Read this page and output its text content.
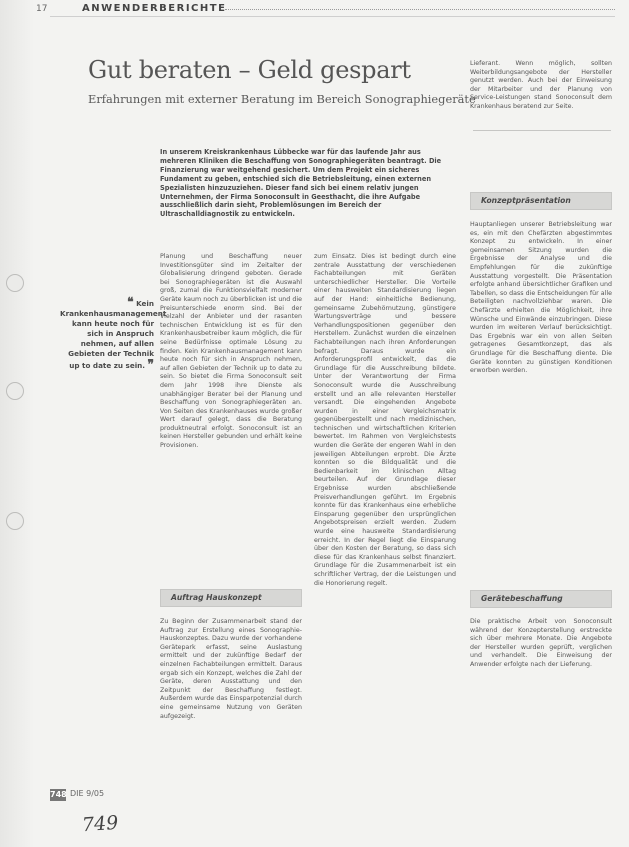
17	ANWENDERBERICHTE
Gut beraten – Geld gespart
Erfahrungen mit externer Beratung im Bereich Sonographiegeräte
In unserem Kreiskrankenhaus Lübbecke war für das laufende Jahr aus mehreren Kliniken die Beschaffung von Sonographiegeräten beantragt. Die Finanzierung war weitgehend gesichert. Um dem Projekt ein sicheres Fundament zu geben, entschied sich die Betriebsleitung, einen externen Spezialisten hinzuzuziehen. Dieser fand sich bei einem relativ jungen Unternehmen, der Firma Sonoconsult in Geesthacht, die ihre Aufgabe ausschließlich darin sieht, Problemlösungen im Bereich der Ultraschalldiagnostik zu entwickeln.
❝ Kein Krankenhausmanagement kann heute noch für sich in Anspruch nehmen, auf allen Gebieten der Technik up to date zu sein. ❞
Planung und Beschaffung neuer Investitionsgüter sind im Zeitalter der Globalisierung dringend geboten. Gerade bei Sonographiegeräten ist die Auswahl groß, zumal die Funktionsvielfalt moderner Geräte kaum noch zu überblicken ist und die Preisunterschiede enorm sind. Bei der Vielzahl der Anbieter und der rasanten technischen Entwicklung ist es für den Krankenhausbetreiber kaum möglich, die für seine Bedürfnisse optimale Lösung zu finden. Kein Krankenhausmanagement kann heute noch für sich in Anspruch nehmen, auf allen Gebieten der Technik up to date zu sein. So bietet die Firma Sonoconsult seit dem Jahr 1998 ihre Dienste als unabhängiger Berater bei der Planung und Beschaffung von Sonographiegeräten an. Von Seiten des Krankenhauses wurde großer Wert darauf gelegt, dass die Beratung produktneutral erfolgt. Sonoconsult ist an keinen Hersteller gebunden und erhält keine Provisionen.
Auftrag Hauskonzept
Zu Beginn der Zusammenarbeit stand der Auftrag zur Erstellung eines Sonographie-Hauskonzeptes. Dazu wurde der vorhandene Gerätepark erfasst, seine Auslastung ermittelt und der zukünftige Bedarf der einzelnen Fachabteilungen ermittelt. Daraus ergab sich ein Konzept, welches die Zahl der Geräte, deren Ausstattung und den Zeitpunkt der Beschaffung festlegt. Außerdem wurde das Einsparpotenzial durch eine gemeinsame Nutzung von Geräten aufgezeigt.
zum Einsatz. Dies ist bedingt durch eine zentrale Ausstattung der verschiedenen Fachabteilungen mit Geräten unterschiedlicher Hersteller. Die Vorteile einer hausweiten Standardisierung liegen auf der Hand: einheitliche Bedienung, gemeinsame Zubehörnutzung, günstigere Wartungsverträge und bessere Verhandlungspositionen gegenüber den Herstellern. Zunächst wurden die einzelnen Fachabteilungen nach ihren Anforderungen befragt. Daraus wurde ein Anforderungsprofil entwickelt, das die Grundlage für die Ausschreibung bildete. Unter der Verantwortung der Firma Sonoconsult wurde die Ausschreibung erstellt und an alle relevanten Hersteller versandt. Die eingehenden Angebote wurden in einer Vergleichsmatrix gegenübergestellt und nach medizinischen, technischen und wirtschaftlichen Kriterien bewertet. Im Rahmen von Vergleichstests wurden die Geräte der engeren Wahl in den jeweiligen Abteilungen erprobt. Die Ärzte konnten so die Bildqualität und die Bedienbarkeit im klinischen Alltag beurteilen. Auf der Grundlage dieser Ergebnisse wurden abschließende Preisverhandlungen geführt. Im Ergebnis konnte für das Krankenhaus eine erhebliche Einsparung gegenüber den ursprünglichen Angebotspreisen erzielt werden. Zudem wurde eine hausweite Standardisierung erreicht. In der Regel liegt die Einsparung über den Kosten der Beratung, so dass sich diese für das Krankenhaus selbst finanziert. Grundlage für die Zusammenarbeit ist ein schriftlicher Vertrag, der die Leistungen und die Honorierung regelt.
Lieferant. Wenn möglich, sollten Weiterbildungsangebote der Hersteller genutzt werden. Auch bei der Einweisung der Mitarbeiter und der Planung von Service-Leistungen stand Sonoconsult dem Krankenhaus beratend zur Seite.
Konzeptpräsentation
Hauptanliegen unserer Betriebsleitung war es, ein mit den Chefärzten abgestimmtes Konzept zu entwickeln. In einer gemeinsamen Sitzung wurden die Ergebnisse der Analyse und die Empfehlungen für die zukünftige Ausstattung vorgestellt. Die Präsentation erfolgte anhand übersichtlicher Grafiken und Tabellen, so dass die Entscheidungen für alle Beteiligten nachvollziehbar waren. Die Chefärzte erhielten die Möglichkeit, ihre Wünsche und Einwände einzubringen. Diese wurden im weiteren Verlauf berücksichtigt. Das Ergebnis war ein von allen Seiten getragenes Gesamtkonzept, das als Grundlage für die Beschaffung diente. Die Geräte konnten zu günstigen Konditionen erworben werden.
Gerätebeschaffung
Die praktische Arbeit von Sonoconsult während der Konzepterstellung erstreckte sich über mehrere Monate. Die Angebote der Hersteller wurden geprüft, verglichen und verhandelt. Die Einweisung der Anwender erfolgte nach der Lieferung.
748 DIE 9/05
749
